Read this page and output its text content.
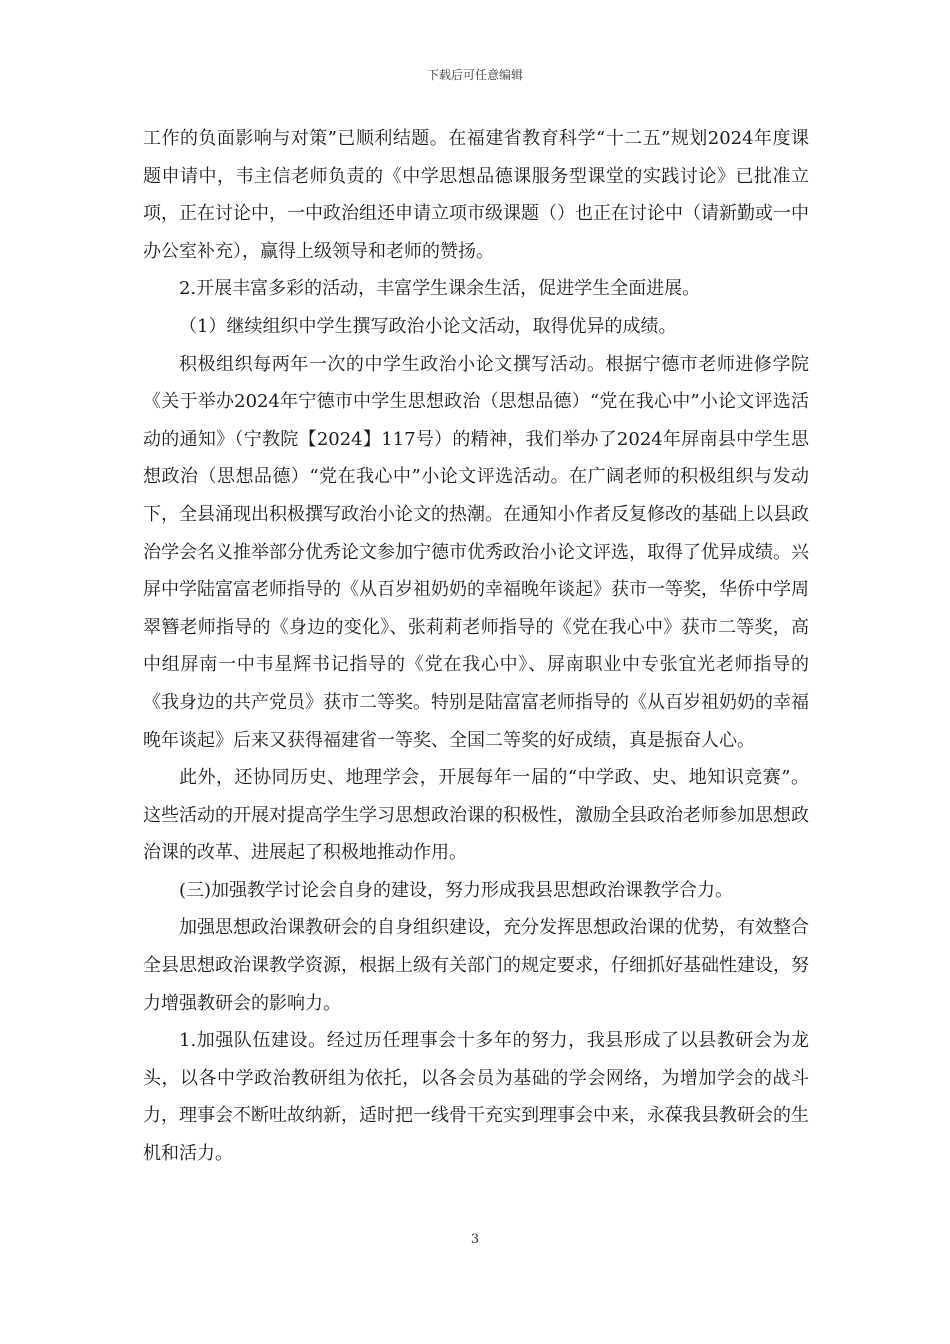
下载后可任意编辑

工作的负面影响与对策”已顺利结题。在福建省教育科学“十二五”规划2024年度课题申请中，韦主信老师负责的《中学思想品德课服务型课堂的实践讨论》已批准立项，正在讨论中，一中政治组还申请立项市级课题（）也正在讨论中（请新勤或一中办公室补充），赢得上级领导和老师的赞扬。

2.开展丰富多彩的活动，丰富学生课余生活，促进学生全面进展。

（1）继续组织中学生撰写政治小论文活动，取得优异的成绩。

积极组织每两年一次的中学生政治小论文撰写活动。根据宁德市老师进修学院《关于举办2024年宁德市中学生思想政治（思想品德）“党在我心中”小论文评选活动的通知》（宁教院【2024】117号）的精神，我们举办了2024年屏南县中学生思想政治（思想品德）“党在我心中”小论文评选活动。在广阔老师的积极组织与发动下，全县涌现出积极撰写政治小论文的热潮。在通知小作者反复修改的基础上以县政治学会名义推举部分优秀论文参加宁德市优秀政治小论文评选，取得了优异成绩。兴屏中学陆富富老师指导的《从百岁祖奶奶的幸福晚年谈起》获市一等奖，华侨中学周翠簪老师指导的《身边的变化》、张莉莉老师指导的《党在我心中》获市二等奖，高中组屏南一中韦星辉书记指导的《党在我心中》、屏南职业中专张宜光老师指导的《我身边的共产党员》获市二等奖。特别是陆富富老师指导的《从百岁祖奶奶的幸福晚年谈起》后来又获得福建省一等奖、全国二等奖的好成绩，真是振奋人心。

此外，还协同历史、地理学会，开展每年一届的“中学政、史、地知识竞赛”。这些活动的开展对提高学生学习思想政治课的积极性，激励全县政治老师参加思想政治课的改革、进展起了积极地推动作用。

(三)加强教学讨论会自身的建设，努力形成我县思想政治课教学合力。

加强思想政治课教研会的自身组织建设，充分发挥思想政治课的优势，有效整合全县思想政治课教学资源，根据上级有关部门的规定要求，仔细抓好基础性建设，努力增强教研会的影响力。

1.加强队伍建设。经过历任理事会十多年的努力，我县形成了以县教研会为龙头，以各中学政治教研组为依托，以各会员为基础的学会网络，为增加学会的战斗力，理事会不断吐故纳新，适时把一线骨干充实到理事会中来，永葆我县教研会的生机和活力。

3
